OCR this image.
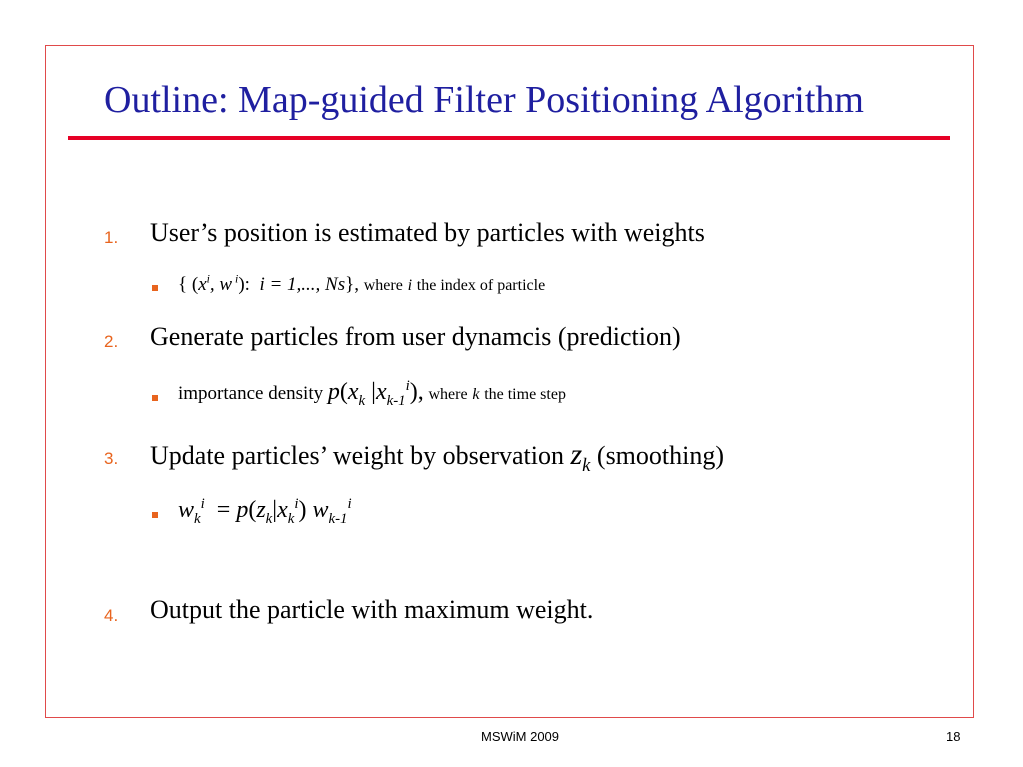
Outline: Map-guided Filter Positioning Algorithm
1. User’s position is estimated by particles with weights
{ ($x^i$, w $^i$): i = 1,..., Ns}, where i the index of particle
2. Generate particles from user dynamcis (prediction)
importance density $p(x_k$ $|x_{k-1}^i$), where k the time step
3. Update particles’ weight by observation $z_k$ (smoothing)
$w_k^i = p(z_k|x_k^i)$ $w_{k-1}^i$
4. Output the particle with maximum weight.
MSWiM 2009	18
